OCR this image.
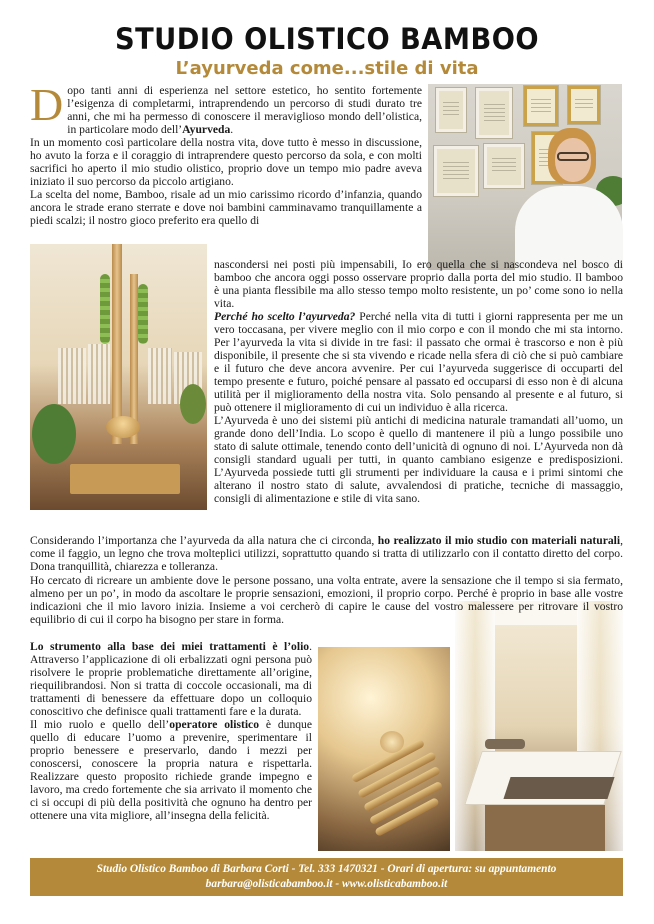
STUDIO OLISTICO BAMBOO
L’ayurveda come...stile di vita
D opo tanti anni di esperienza nel settore estetico, ho sentito fortemente l’esigenza di completarmi, intraprendendo un percorso di studi durato tre anni, che mi ha permesso di conoscere il meraviglioso mondo dell’olistica, in particolare modo dell’Ayurveda.

In un momento così particolare della nostra vita, dove tutto è messo in discussione, ho avuto la forza e il coraggio di intraprendere questo percorso da sola, e con molti sacrifici ho aperto il mio studio olistico, proprio dove un tempo mio padre aveva iniziato il suo percorso da piccolo artigiano.

La scelta del nome, Bamboo, risale ad un mio carissimo ricordo d’infanzia, quando ancora le strade erano sterrate e dove noi bambini camminavamo tranquillamente a piedi scalzi; il nostro gioco preferito era quello di

nascondersi nei posti più impensabili, Io ero quella che si nascondeva nel bosco di bamboo che ancora oggi posso osservare proprio dalla porta del mio studio. Il bamboo è una pianta flessibile ma allo stesso tempo molto resistente, un po’ come sono io nella vita.

Perché ho scelto l’ayurveda? Perché nella vita di tutti i giorni rappresenta per me un vero toccasana, per vivere meglio con il mio corpo e con il mondo che mi sta intorno. Per l’ayurveda la vita si divide in tre fasi: il passato che ormai è trascorso e non è più disponibile, il presente che si sta vivendo e ricade nella sfera di ciò che si può cambiare e il futuro che deve ancora avvenire. Per cui l’ayurveda suggerisce di occuparti del tempo presente e futuro, poiché pensare al passato ed occuparsi di esso non è di alcuna utilità per il miglioramento della nostra vita. Solo pensando al presente e al futuro, si può ottenere il miglioramento di cui un individuo è alla ricerca.

L’Ayurveda è uno dei sistemi più antichi di medicina naturale tramandati all’uomo, un grande dono dell’India. Lo scopo è quello di mantenere il più a lungo possibile uno stato di salute ottimale, tenendo conto dell’unicità di ognuno di noi. L’Ayurveda non dà consigli standard uguali per tutti, in quanto cambiano esigenze e predisposizioni. L’Ayurveda possiede tutti gli strumenti per individuare la causa e i primi sintomi che alterano il nostro stato di salute, avvalendosi di pratiche, tecniche di massaggio, consigli di alimentazione e stile di vita sano.

Considerando l’importanza che l’ayurveda da alla natura che ci circonda, ho realizzato il mio studio con materiali naturali, come il faggio, un legno che trova molteplici utilizzi, soprattutto quando si tratta di utilizzarlo con il contatto diretto del corpo. Dona tranquillità, chiarezza e tolleranza.

Ho cercato di ricreare un ambiente dove le persone possano, una volta entrate, avere la sensazione che il tempo si sia fermato, almeno per un po’, in modo da ascoltare le proprie sensazioni, emozioni, il proprio corpo. Perché è proprio in base alle vostre indicazioni che il mio lavoro inizia. Insieme a voi cercherò di capire le cause del vostro malessere per ritrovare il vostro equilibrio di cui il corpo ha bisogno per stare in forma.

Lo strumento alla base dei miei trattamenti è l’olio. Attraverso l’applicazione di oli erbalizzati ogni persona può risolvere le proprie problematiche direttamente all’origine, riequilibrandosi. Non si tratta di coccole occasionali, ma di trattamenti di benessere da effettuare dopo un colloquio conoscitivo che definisce quali trattamenti fare e la durata.

Il mio ruolo e quello dell’operatore olistico è dunque quello di educare l’uomo a prevenire, sperimentare il proprio benessere e preservarlo, dando i mezzi per conoscersi, conoscere la propria natura e rispettarla. Realizzare questo proposito richiede grande impegno e lavoro, ma credo fortemente che sia arrivato il momento che ci si occupi di più della positività che ognuno ha dentro per ottenere una vita migliore, all’insegna della felicità.

Studio Olistico Bamboo di Barbara Corti - Tel. 333 1470321 - Orari di apertura: su appuntamento
barbara@olisticabamboo.it - www.olisticabamboo.it
